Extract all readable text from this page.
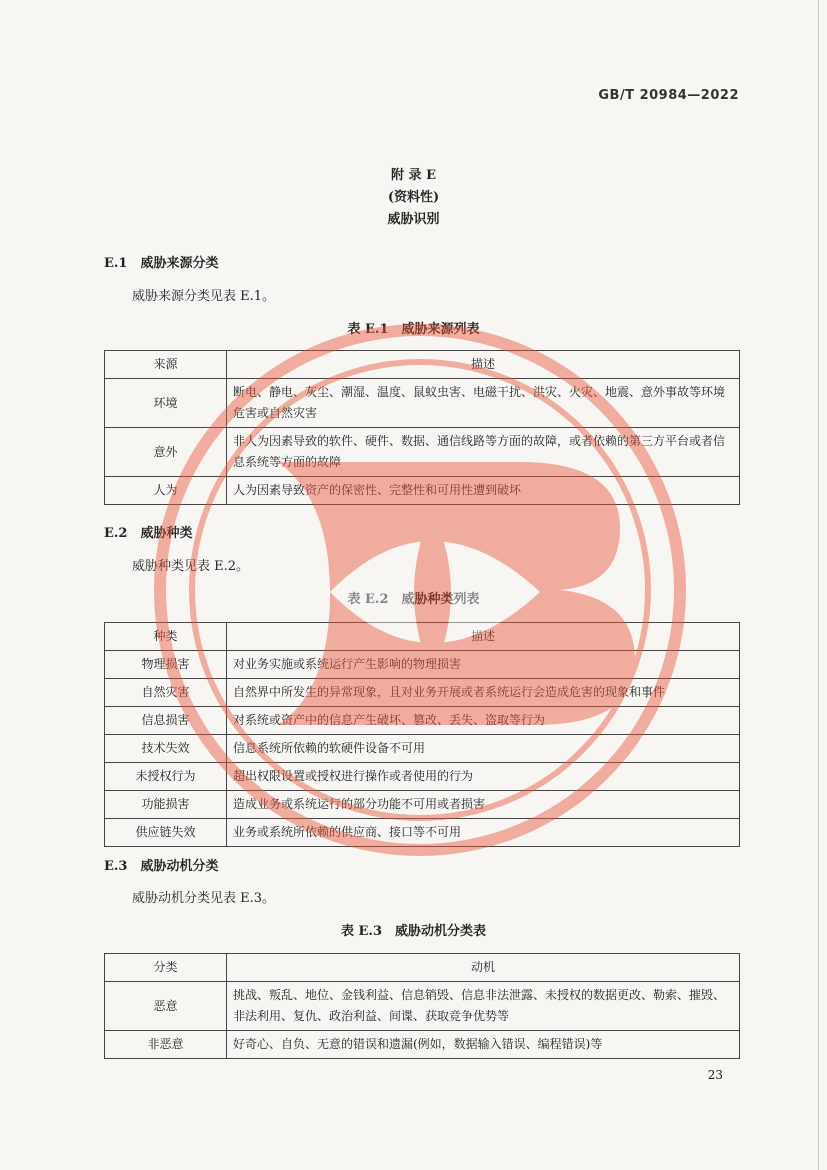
GB/T 20984—2022
附 录 E
(资料性)
威胁识别
E.1　威胁来源分类
威胁来源分类见表 E.1。
表 E.1　威胁来源列表
来源	描述
环境	断电、静电、灰尘、潮湿、温度、鼠蚁虫害、电磁干扰、洪灾、火灾、地震、意外事故等环境危害或自然灾害
意外	非人为因素导致的软件、硬件、数据、通信线路等方面的故障，或者依赖的第三方平台或者信息系统等方面的故障
人为	人为因素导致资产的保密性、完整性和可用性遭到破坏
E.2　威胁种类
威胁种类见表 E.2。
表 E.2　威胁种类列表
种类	描述
物理损害	对业务实施或系统运行产生影响的物理损害
自然灾害	自然界中所发生的异常现象，且对业务开展或者系统运行会造成危害的现象和事件
信息损害	对系统或资产中的信息产生破坏、篡改、丢失、盗取等行为
技术失效	信息系统所依赖的软硬件设备不可用
未授权行为	超出权限设置或授权进行操作或者使用的行为
功能损害	造成业务或系统运行的部分功能不可用或者损害
供应链失效	业务或系统所依赖的供应商、接口等不可用
E.3　威胁动机分类
威胁动机分类见表 E.3。
表 E.3　威胁动机分类表
分类	动机
恶意	挑战、叛乱、地位、金钱利益、信息销毁、信息非法泄露、未授权的数据更改、勒索、摧毁、非法利用、复仇、政治利益、间谍、获取竞争优势等
非恶意	好奇心、自负、无意的错误和遗漏(例如，数据输入错误、编程错误)等
23
